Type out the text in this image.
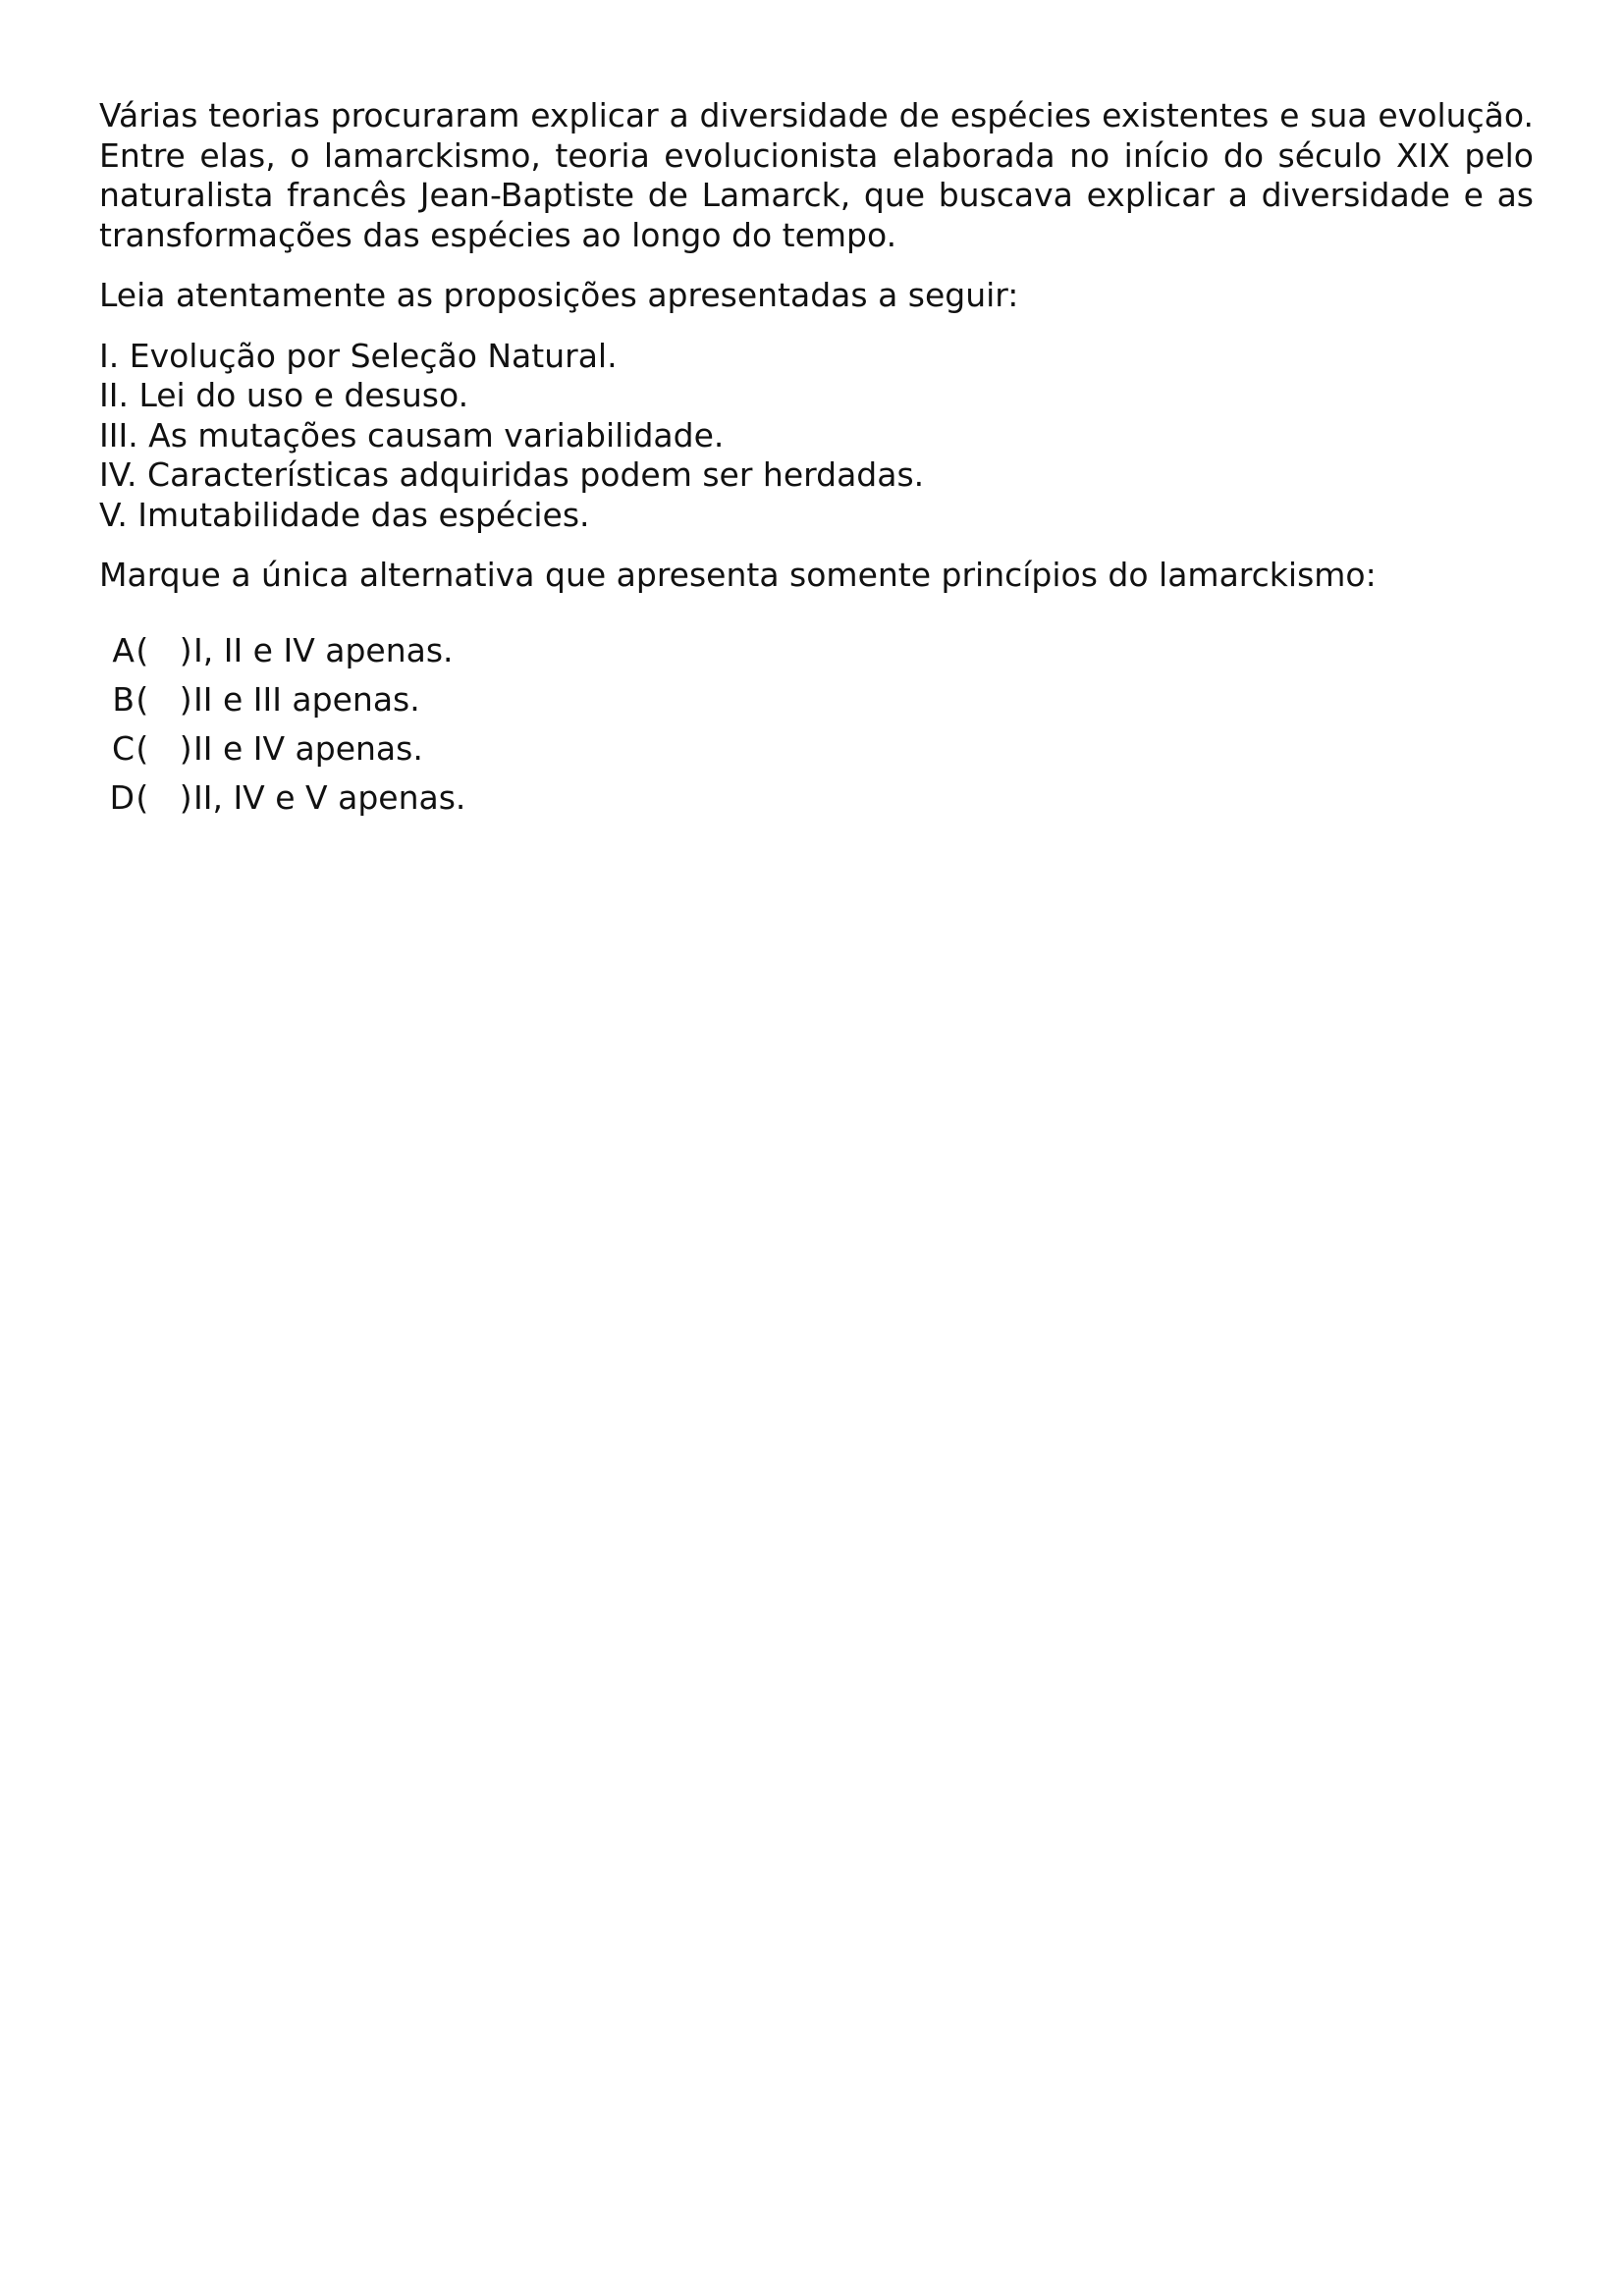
Várias teorias procuraram explicar a diversidade de espécies existentes e sua evolução. Entre elas, o lamarckismo, teoria evolucionista elaborada no início do século XIX pelo naturalista francês Jean-Baptiste de Lamarck, que buscava explicar a diversidade e as transformações das espécies ao longo do tempo.

Leia atentamente as proposições apresentadas a seguir:

I. Evolução por Seleção Natural.
II. Lei do uso e desuso.
III. As mutações causam variabilidade.
IV. Características adquiridas podem ser herdadas.
V. Imutabilidade das espécies.

Marque a única alternativa que apresenta somente princípios do lamarckismo:

A (   ) I, II e IV apenas.
B (   ) II e III apenas.
C (   ) II e IV apenas.
D (   ) II, IV e V apenas.
